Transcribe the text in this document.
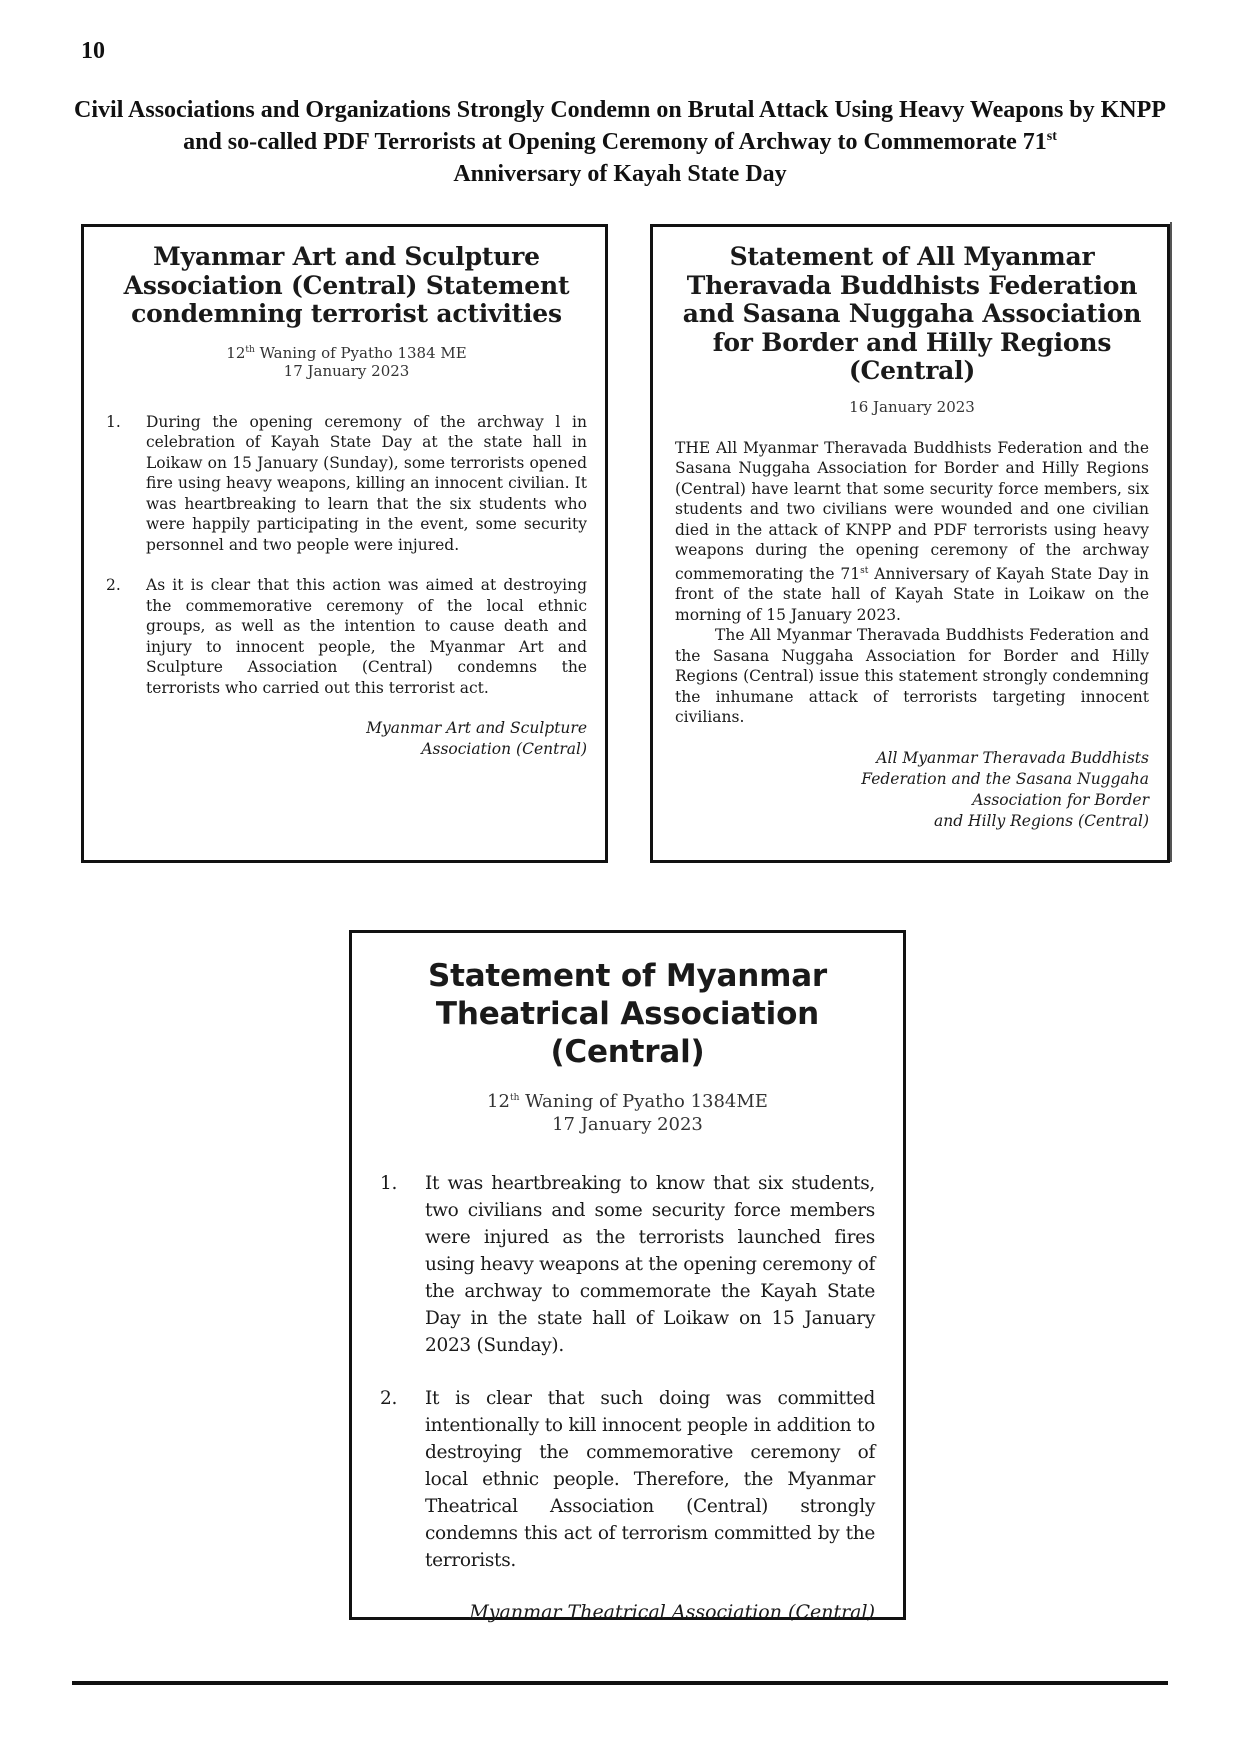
10
Civil Associations and Organizations Strongly Condemn on Brutal Attack Using Heavy Weapons by KNPP and so-called PDF Terrorists at Opening Ceremony of Archway to Commemorate 71st
Anniversary of Kayah State Day
Myanmar Art and Sculpture Association (Central) Statement condemning terrorist activities
12th Waning of Pyatho 1384 ME
17 January 2023
1.	During the opening ceremony of the archway l in celebration of Kayah State Day at the state hall in Loikaw on 15 January (Sunday), some terrorists opened fire using heavy weapons, killing an innocent civilian. It was heartbreaking to learn that the six students who were happily participating in the event, some security personnel and two people were injured.
2.	As it is clear that this action was aimed at destroying the commemorative ceremony of the local ethnic groups, as well as the intention to cause death and injury to innocent people, the Myanmar Art and Sculpture Association (Central) condemns the terrorists who carried out this terrorist act.
Myanmar Art and Sculpture
Association (Central)
Statement of All Myanmar Theravada Buddhists Federation and Sasana Nuggaha Association for Border and Hilly Regions (Central)
16 January 2023

THE All Myanmar Theravada Buddhists Federation and the Sasana Nuggaha Association for Border and Hilly Regions (Central) have learnt that some security force members, six students and two civilians were wounded and one civilian died in the attack of KNPP and PDF terrorists using heavy weapons during the opening ceremony of the archway commemorating the 71st Anniversary of Kayah State Day in front of the state hall of Kayah State in Loikaw on the morning of 15 January 2023.

The All Myanmar Theravada Buddhists Federation and the Sasana Nuggaha Association for Border and Hilly Regions (Central) issue this statement strongly condemning the inhumane attack of terrorists targeting innocent civilians.

All Myanmar Theravada Buddhists
Federation and the Sasana Nuggaha
Association for Border
and Hilly Regions (Central)
Statement of Myanmar Theatrical Association (Central)
12th Waning of Pyatho 1384ME
17 January 2023
1.	It was heartbreaking to know that six students, two civilians and some security force members were injured as the terrorists launched fires using heavy weapons at the opening ceremony of the archway to commemorate the Kayah State Day in the state hall of Loikaw on 15 January 2023 (Sunday).
2.	It is clear that such doing was committed intentionally to kill innocent people in addition to destroying the commemorative ceremony of local ethnic people. Therefore, the Myanmar Theatrical Association (Central) strongly condemns this act of terrorism committed by the terrorists.
Myanmar Theatrical Association (Central)
